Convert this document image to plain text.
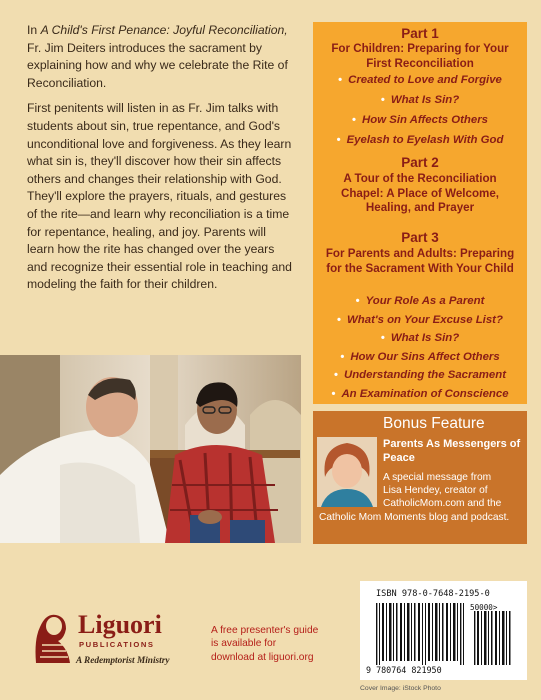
In A Child's First Penance: Joyful Reconciliation, Fr. Jim Deiters introduces the sacrament by explaining how and why we celebrate the Rite of Reconciliation.

First penitents will listen in as Fr. Jim talks with students about sin, true repentance, and God's unconditional love and forgiveness. As they learn what sin is, they'll discover how their sin affects others and changes their relationship with God. They'll explore the prayers, rituals, and gestures of the rite—and learn why reconciliation is a time for repentance, healing, and joy. Parents will learn how the rite has changed over the years and recognize their essential role in teaching and modeling the faith for their children.

Part 1
For Children: Preparing for Your First Reconciliation
• Created to Love and Forgive
• What Is Sin?
• How Sin Affects Others
• Eyelash to Eyelash With God
Part 2
A Tour of the Reconciliation Chapel: A Place of Welcome, Healing, and Prayer
Part 3
For Parents and Adults: Preparing for the Sacrament With Your Child
• Your Role As a Parent
• What's on Your Excuse List?
• What Is Sin?
• How Our Sins Affect Others
• Understanding the Sacrament
• An Examination of Conscience
Bonus Feature
Parents As Messengers of Peace
A special message from
Lisa Hendey, creator of
CatholicMom.com and the
Catholic Mom Moments blog and podcast.
Liguori
PUBLICATIONS
A Redemptorist Ministry
A free presenter's guide is available for download at liguori.org
ISBN 978-0-7648-2195-0
9 780764 821950
50000>
Cover Image: iStock Photo
